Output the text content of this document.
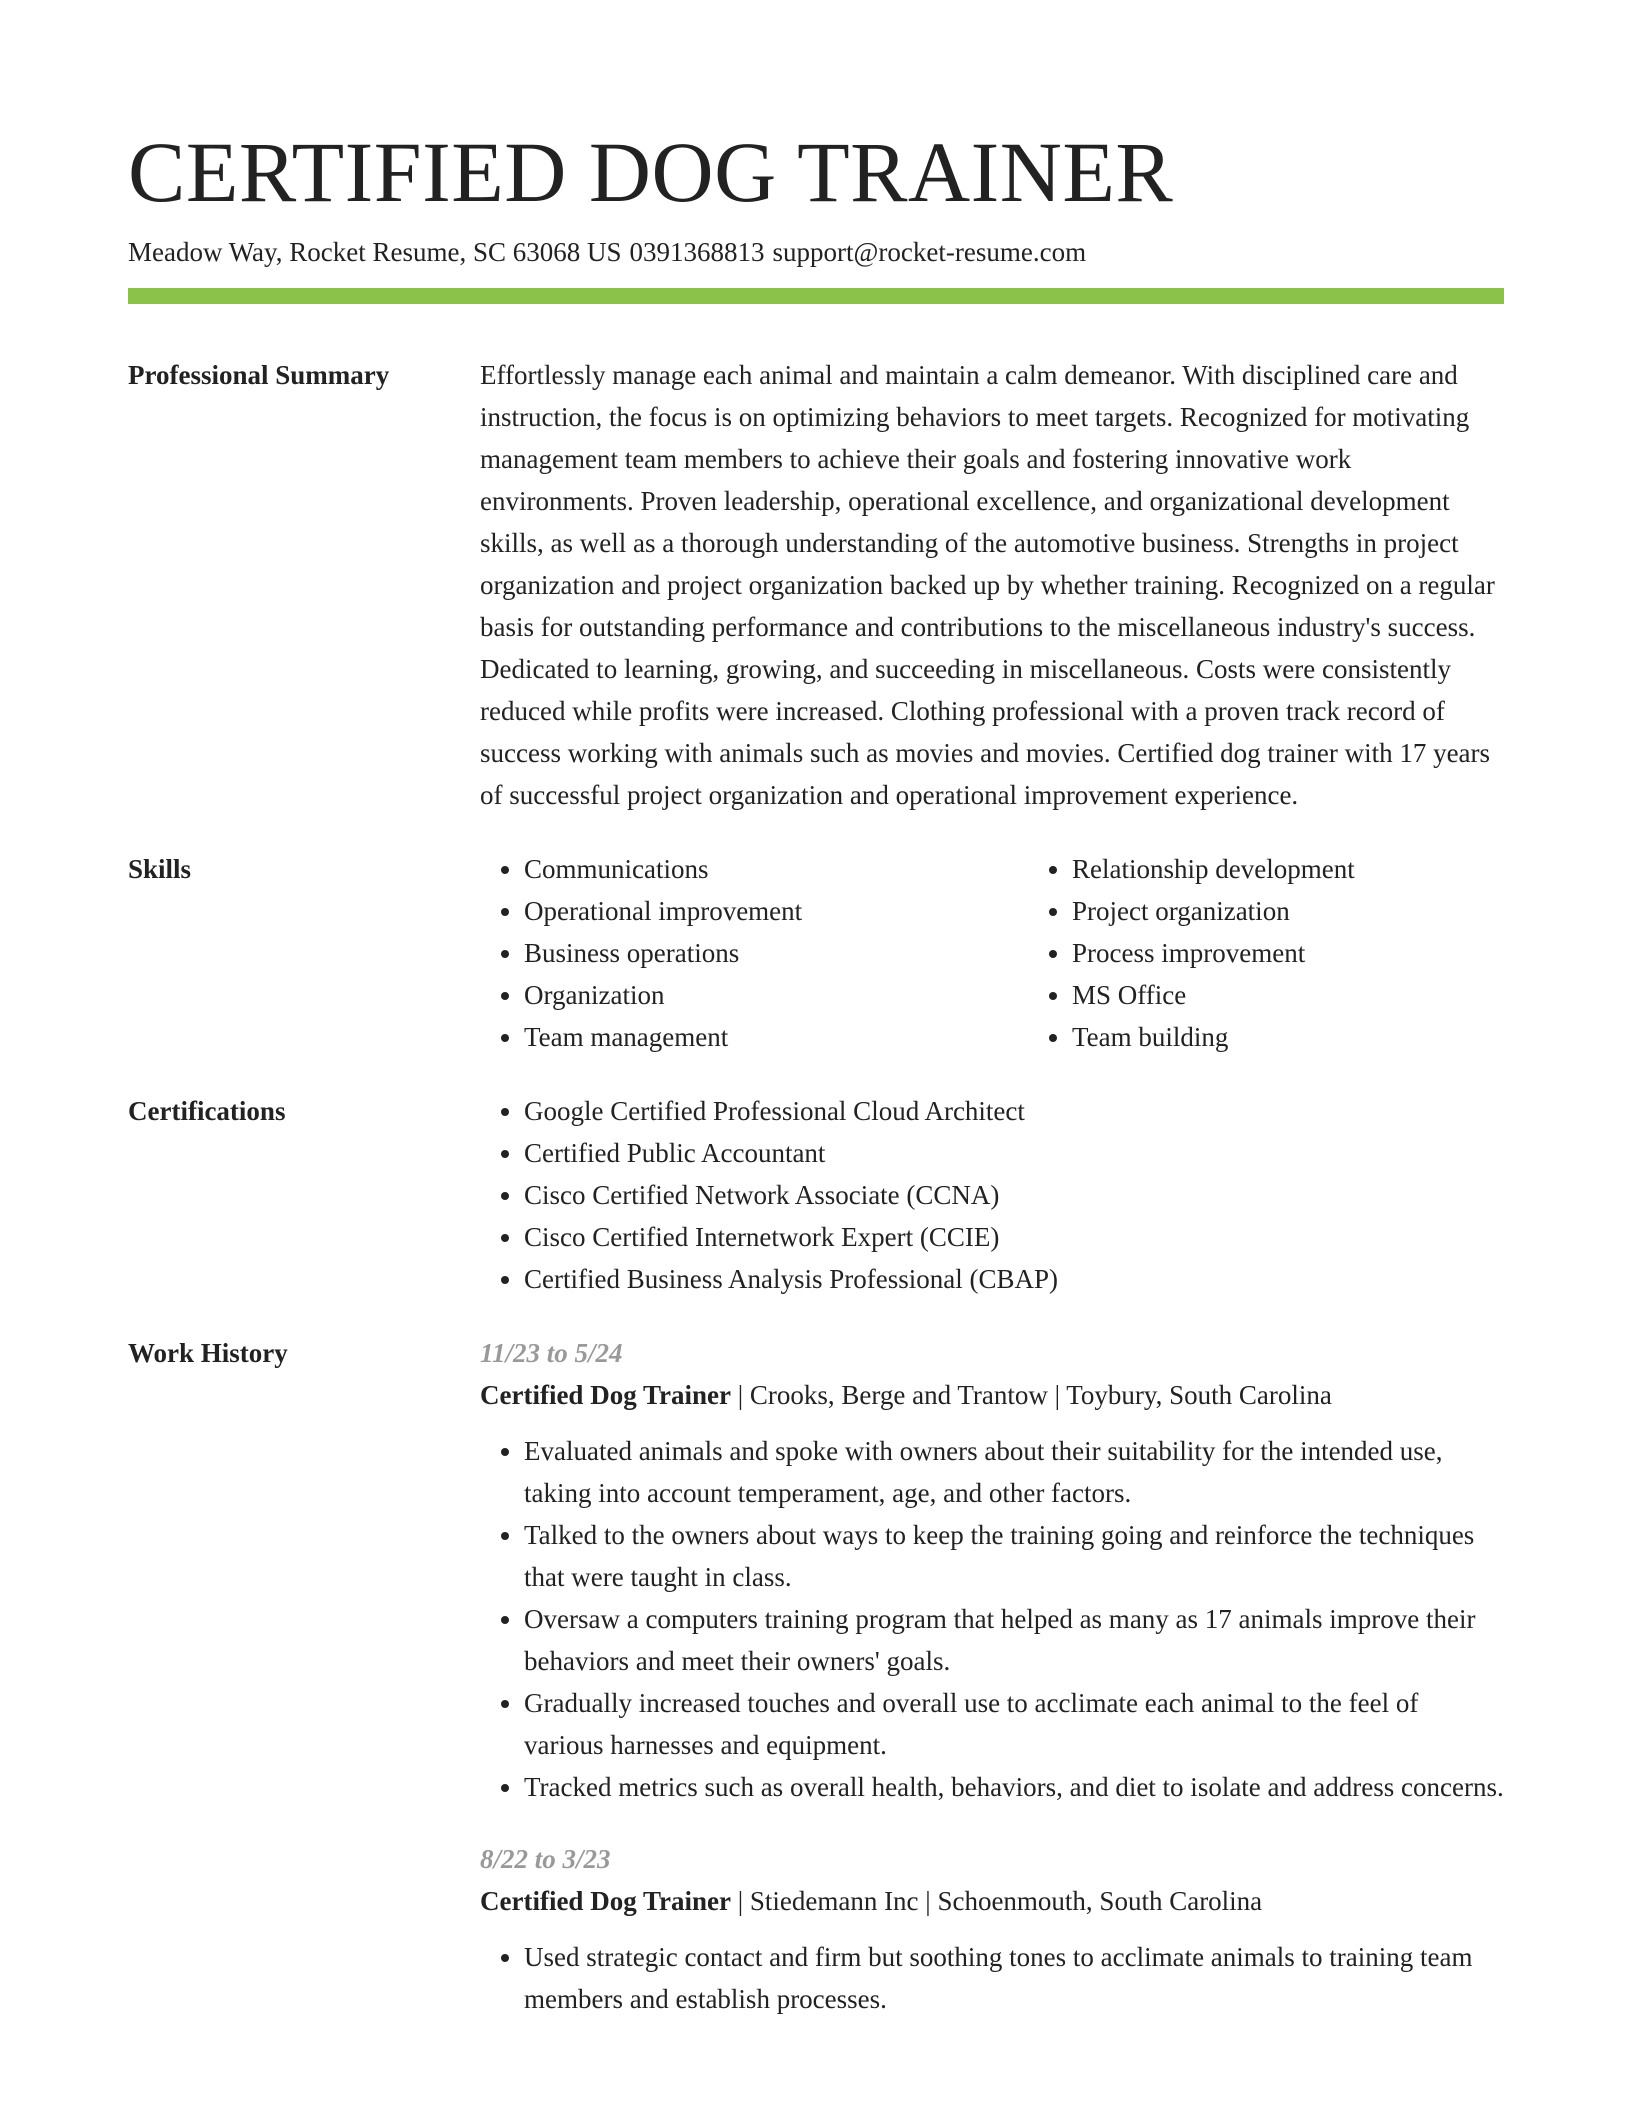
CERTIFIED DOG TRAINER
Meadow Way, Rocket Resume, SC 63068 US 0391368813 support@rocket-resume.com
Professional Summary	Effortlessly manage each animal and maintain a calm demeanor. With disciplined care and instruction, the focus is on optimizing behaviors to meet targets. Recognized for motivating management team members to achieve their goals and fostering innovative work environments. Proven leadership, operational excellence, and organizational development skills, as well as a thorough understanding of the automotive business. Strengths in project organization and project organization backed up by whether training. Recognized on a regular basis for outstanding performance and contributions to the miscellaneous industry's success. Dedicated to learning, growing, and succeeding in miscellaneous. Costs were consistently reduced while profits were increased. Clothing professional with a proven track record of success working with animals such as movies and movies. Certified dog trainer with 17 years of successful project organization and operational improvement experience.
Skills	• Communications
• Operational improvement
• Business operations
• Organization
• Team management
• Relationship development
• Project organization
• Process improvement
• MS Office
• Team building
Certifications	• Google Certified Professional Cloud Architect
• Certified Public Accountant
• Cisco Certified Network Associate (CCNA)
• Cisco Certified Internetwork Expert (CCIE)
• Certified Business Analysis Professional (CBAP)
Work History	11/23 to 5/24
Certified Dog Trainer | Crooks, Berge and Trantow | Toybury, South Carolina
• Evaluated animals and spoke with owners about their suitability for the intended use, taking into account temperament, age, and other factors.
• Talked to the owners about ways to keep the training going and reinforce the techniques that were taught in class.
• Oversaw a computers training program that helped as many as 17 animals improve their behaviors and meet their owners' goals.
• Gradually increased touches and overall use to acclimate each animal to the feel of various harnesses and equipment.
• Tracked metrics such as overall health, behaviors, and diet to isolate and address concerns.
8/22 to 3/23
Certified Dog Trainer | Stiedemann Inc | Schoenmouth, South Carolina
• Used strategic contact and firm but soothing tones to acclimate animals to training team members and establish processes.
